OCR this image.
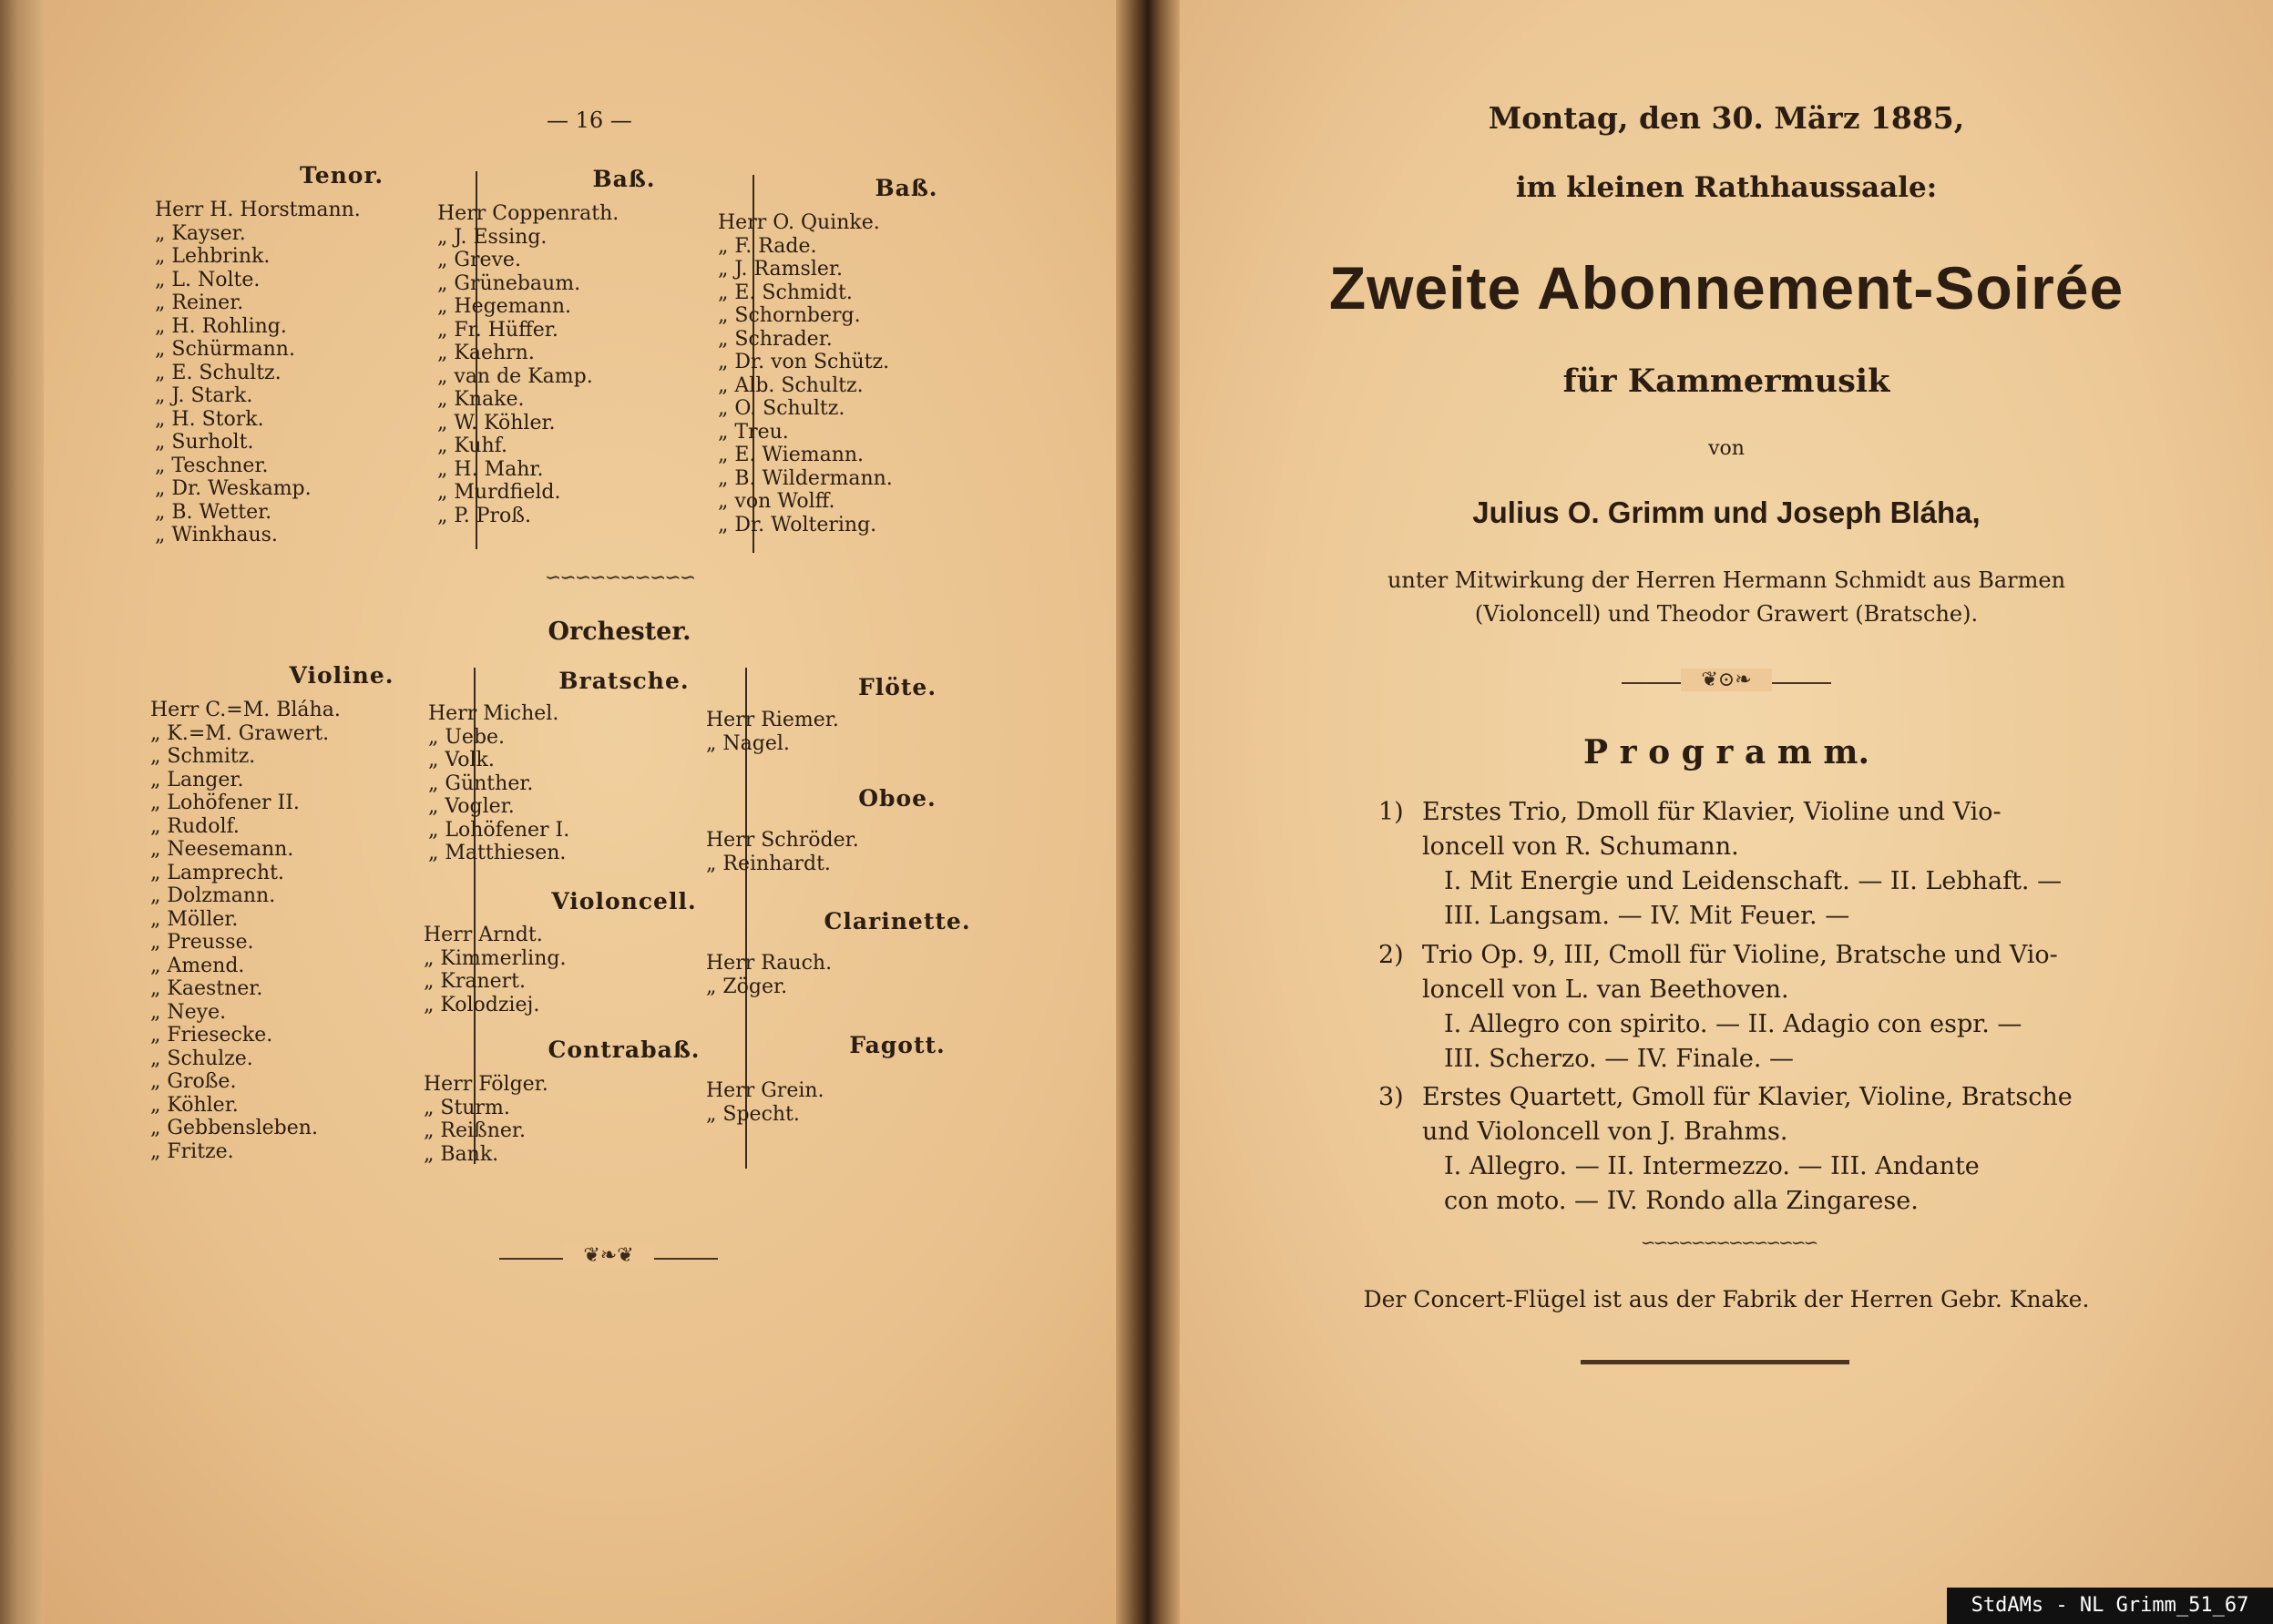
— 16 —
Tenor.
Herr H. Horstmann.
„ Kayser.
„ Lehbrink.
„ L. Nolte.
„ Reiner.
„ H. Rohling.
„ Schürmann.
„ E. Schultz.
„ J. Stark.
„ H. Stork.
„ Surholt.
„ Teschner.
„ Dr. Weskamp.
„ B. Wetter.
„ Winkhaus.
Baß.
Herr Coppenrath.
„ J. Essing.
„ Greve.
„ Grünebaum.
„ Hegemann.
„ Fr. Hüffer.
„ Kaehrn.
„ van de Kamp.
„ Knake.
„ W. Köhler.
„ Kuhf.
„ H. Mahr.
„ Murdfield.
„ P. Proß.
Baß.
Herr O. Quinke.
„ F. Rade.
„ J. Ramsler.
„ E. Schmidt.
„ Schornberg.
„ Schrader.
„ Dr. von Schütz.
„ Alb. Schultz.
„ O. Schultz.
„ Treu.
„ E. Wiemann.
„ B. Wildermann.
„ von Wolff.
„ Dr. Woltering.
∽∽∽∽∽∽∽∽∽∽
Orchester.
Violine.
Herr C.=M. Bláha.
„ K.=M. Grawert.
„ Schmitz.
„ Langer.
„ Lohöfener II.
„ Rudolf.
„ Neesemann.
„ Lamprecht.
„ Dolzmann.
„ Möller.
„ Preusse.
„ Amend.
„ Kaestner.
„ Neye.
„ Friesecke.
„ Schulze.
„ Große.
„ Köhler.
„ Gebbensleben.
„ Fritze.
Bratsche.
Herr Michel.
„ Uebe.
„ Volk.
„ Günther.
„ Vogler.
„ Lohöfener I.
„ Matthiesen.
Violoncell.
Herr Arndt.
„ Kimmerling.
„ Kranert.
„ Kolodziej.
Contrabaß.
Herr Fölger.
„ Sturm.
„ Reißner.
„ Bank.
Flöte.
Herr Riemer.
„ Nagel.
Oboe.
Herr Schröder.
„ Reinhardt.
Clarinette.
Herr Rauch.
„ Zöger.
Fagott.
Herr Grein.
„ Specht.
❦❧❦
Montag, den 30. März 1885,
im kleinen Rathhaussaale:
Zweite Abonnement-Soirée
für Kammermusik
von
Julius O. Grimm und Joseph Bláha,
unter Mitwirkung der Herren Hermann Schmidt aus Barmen
(Violoncell) und Theodor Grawert (Bratsche).
❦⊙❧
P r o g r a m m.
1) Erstes Trio, Dmoll für Klavier, Violine und Vio-
loncell von R. Schumann.
I. Mit Energie und Leidenschaft. — II. Lebhaft. —
III. Langsam. — IV. Mit Feuer. —
2) Trio Op. 9, III, Cmoll für Violine, Bratsche und Vio-
loncell von L. van Beethoven.
I. Allegro con spirito. — II. Adagio con espr. —
III. Scherzo. — IV. Finale. —
3) Erstes Quartett, Gmoll für Klavier, Violine, Bratsche
und Violoncell von J. Brahms.
I. Allegro. — II. Intermezzo. — III. Andante
con moto. — IV. Rondo alla Zingarese.
∽∽∽∽∽∽∽∽∽∽∽∽∽∽
Der Concert-Flügel ist aus der Fabrik der Herren Gebr. Knake.
StdAMs - NL Grimm_51_67
